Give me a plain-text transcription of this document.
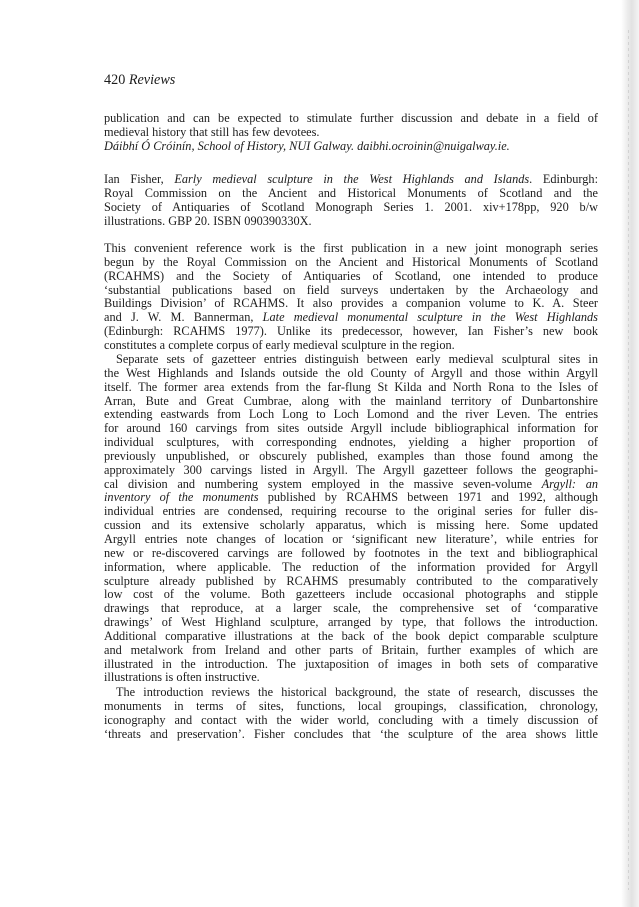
420 Reviews
publication and can be expected to stimulate further discussion and debate in a field of
medieval history that still has few devotees.
Dáibhí Ó Cróinín, School of History, NUI Galway. daibhi.ocroinin@nuigalway.ie.
Ian Fisher, Early medieval sculpture in the West Highlands and Islands. Edinburgh:
Royal Commission on the Ancient and Historical Monuments of Scotland and the
Society of Antiquaries of Scotland Monograph Series 1. 2001. xiv+178pp, 920 b/w
illustrations. GBP 20. ISBN 090390330X.
This convenient reference work is the first publication in a new joint monograph series
begun by the Royal Commission on the Ancient and Historical Monuments of Scotland
(RCAHMS) and the Society of Antiquaries of Scotland, one intended to produce
‘substantial publications based on field surveys undertaken by the Archaeology and
Buildings Division’ of RCAHMS. It also provides a companion volume to K. A. Steer
and J. W. M. Bannerman, Late medieval monumental sculpture in the West Highlands
(Edinburgh: RCAHMS 1977). Unlike its predecessor, however, Ian Fisher’s new book
constitutes a complete corpus of early medieval sculpture in the region.
Separate sets of gazetteer entries distinguish between early medieval sculptural sites in
the West Highlands and Islands outside the old County of Argyll and those within Argyll
itself. The former area extends from the far-flung St Kilda and North Rona to the Isles of
Arran, Bute and Great Cumbrae, along with the mainland territory of Dunbartonshire
extending eastwards from Loch Long to Loch Lomond and the river Leven. The entries
for around 160 carvings from sites outside Argyll include bibliographical information for
individual sculptures, with corresponding endnotes, yielding a higher proportion of
previously unpublished, or obscurely published, examples than those found among the
approximately 300 carvings listed in Argyll. The Argyll gazetteer follows the geographi-
cal division and numbering system employed in the massive seven-volume Argyll: an
inventory of the monuments published by RCAHMS between 1971 and 1992, although
individual entries are condensed, requiring recourse to the original series for fuller dis-
cussion and its extensive scholarly apparatus, which is missing here. Some updated
Argyll entries note changes of location or ‘significant new literature’, while entries for
new or re-discovered carvings are followed by footnotes in the text and bibliographical
information, where applicable. The reduction of the information provided for Argyll
sculpture already published by RCAHMS presumably contributed to the comparatively
low cost of the volume. Both gazetteers include occasional photographs and stipple
drawings that reproduce, at a larger scale, the comprehensive set of ‘comparative
drawings’ of West Highland sculpture, arranged by type, that follows the introduction.
Additional comparative illustrations at the back of the book depict comparable sculpture
and metalwork from Ireland and other parts of Britain, further examples of which are
illustrated in the introduction. The juxtaposition of images in both sets of comparative
illustrations is often instructive.
The introduction reviews the historical background, the state of research, discusses the
monuments in terms of sites, functions, local groupings, classification, chronology,
iconography and contact with the wider world, concluding with a timely discussion of
‘threats and preservation’. Fisher concludes that ‘the sculpture of the area shows little
